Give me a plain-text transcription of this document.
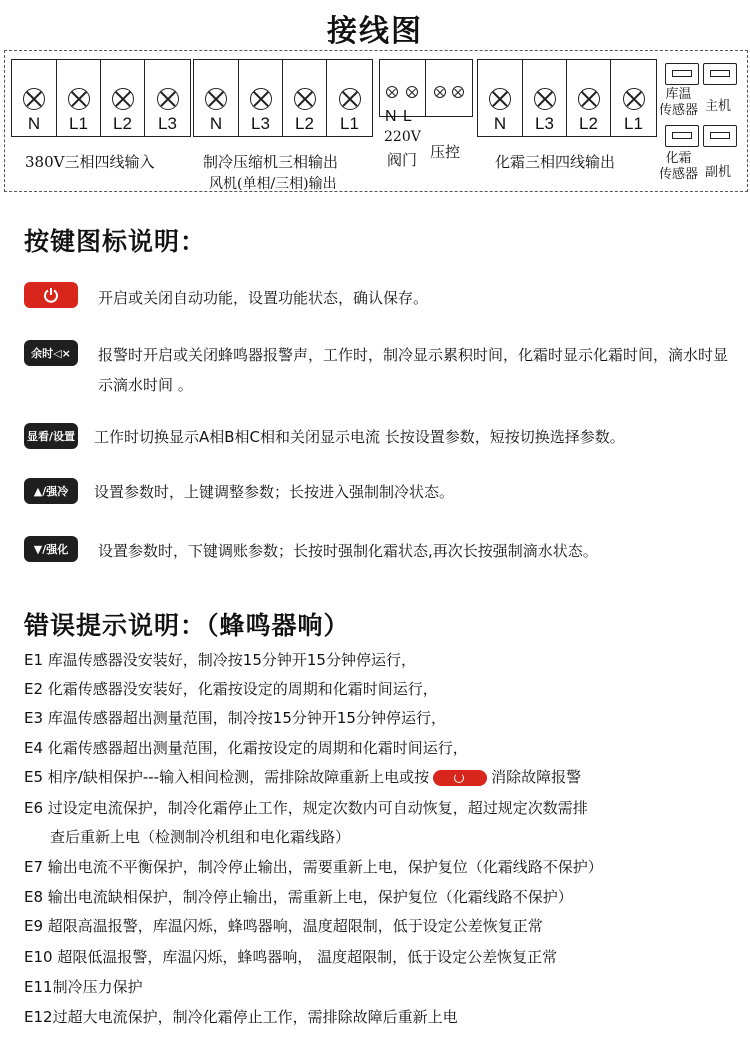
接线图
N	L1	L2	L3
380V三相四线输入
N	L3	L2	L1
制冷压缩机三相输出
风机(单相/三相)输出
N L
220V
阀门 压控
N	L3	L2	L1
化霜三相四线输出
库温
传感器 主机
化霜
传感器 副机
按键图标说明：
开启或关闭自动功能，设置功能状态，确认保存。
余时◁× 报警时开启或关闭蜂鸣器报警声，工作时，制冷显示累积时间，化霜时显示化霜时间，滴水时显示滴水时间 。
显看/设置 工作时切换显示A相B相C相和关闭显示电流 长按设置参数，短按切换选择参数。
▲/强冷 设置参数时，上键调整参数；长按进入强制制冷状态。
▼/强化 设置参数时，下键调账参数；长按时强制化霜状态,再次长按强制滴水状态。
错误提示说明：（蜂鸣器响）
E1 库温传感器没安装好，制冷按15分钟开15分钟停运行，
E2 化霜传感器没安装好，化霜按设定的周期和化霜时间运行，
E3 库温传感器超出测量范围，制冷按15分钟开15分钟停运行，
E4 化霜传感器超出测量范围，化霜按设定的周期和化霜时间运行，
E5 相序/缺相保护---输入相间检测，需排除故障重新上电或按	消除故障报警
E6 过设定电流保护，制冷化霜停止工作，规定次数内可自动恢复，超过规定次数需排
查后重新上电（检测制冷机组和电化霜线路）
E7 输出电流不平衡保护，制冷停止输出，需要重新上电，保护复位（化霜线路不保护）
E8 输出电流缺相保护，制冷停止输出，需重新上电，保护复位（化霜线路不保护）
E9 超限高温报警，库温闪烁，蜂鸣器响，温度超限制，低于设定公差恢复正常
E10 超限低温报警，库温闪烁，蜂鸣器响， 温度超限制，低于设定公差恢复正常
E11制冷压力保护
E12过超大电流保护，制冷化霜停止工作，需排除故障后重新上电
